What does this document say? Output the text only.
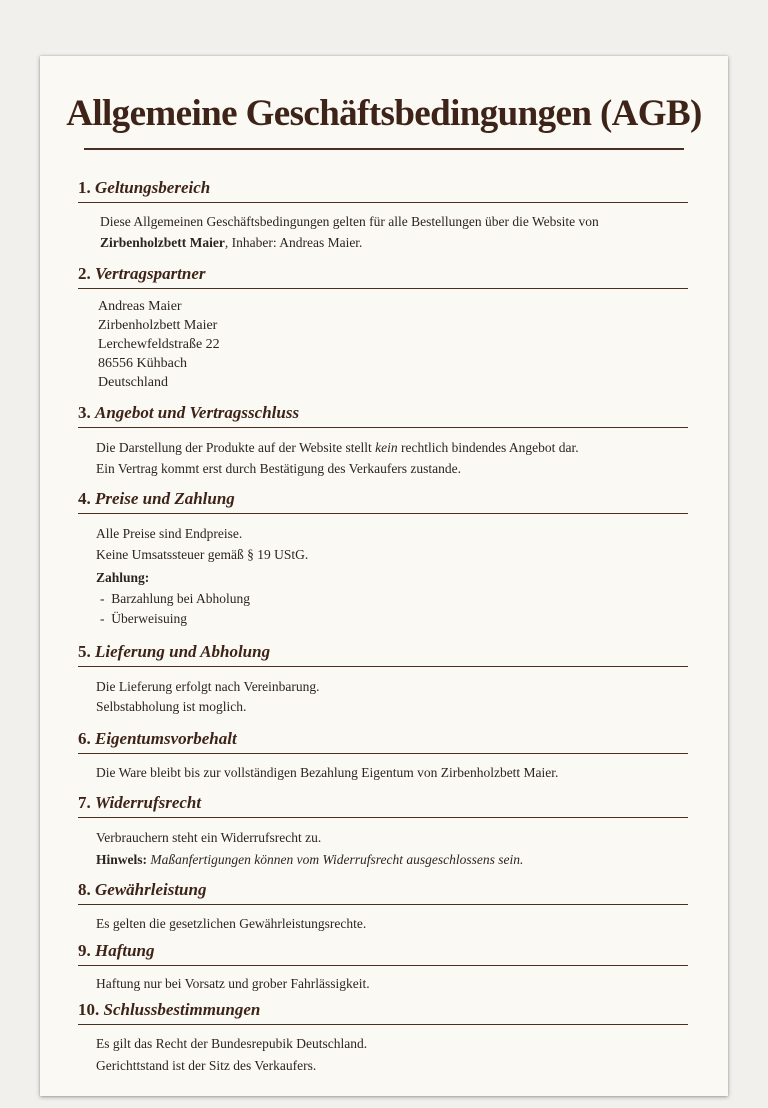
Allgemeine Geschäftsbedingungen (AGB)
1. Geltungsbereich
Diese Allgemeinen Geschäftsbedingungen gelten für alle Bestellungen über die Website von
Zirbenholzbett Maier, Inhaber: Andreas Maier.
2. Vertragspartner
Andreas Maier
Zirbenholzbett Maier
Lerchewfeldstraße 22
86556 Kühbach
Deutschland
3. Angebot und Vertragsschluss
Die Darstellung der Produkte auf der Website stellt kein rechtlich bindendes Angebot dar.
Ein Vertrag kommt erst durch Bestätigung des Verkaufers zustande.
4. Preise und Zahlung
Alle Preise sind Endpreise.
Keine Umsatssteuer gemäß § 19 UStG.
Zahlung:
-  Barzahlung bei Abholung
-  Überweisuing
5. Lieferung und Abholung
Die Lieferung erfolgt nach Vereinbarung.
Selbstabholung ist moglich.
6. Eigentumsvorbehalt
Die Ware bleibt bis zur vollständigen Bezahlung Eigentum von Zirbenholzbett Maier.
7. Widerrufsrecht
Verbrauchern steht ein Widerrufsrecht zu.
Hinwels: Maßanfertigungen können vom Widerrufsrecht ausgeschlossens sein.
8. Gewährleistung
Es gelten die gesetzlichen Gewährleistungsrechte.
9. Haftung
Haftung nur bei Vorsatz und grober Fahrlässigkeit.
10. Schlussbestimmungen
Es gilt das Recht der Bundesrepubik Deutschland.
Gerichttstand ist der Sitz des Verkaufers.
